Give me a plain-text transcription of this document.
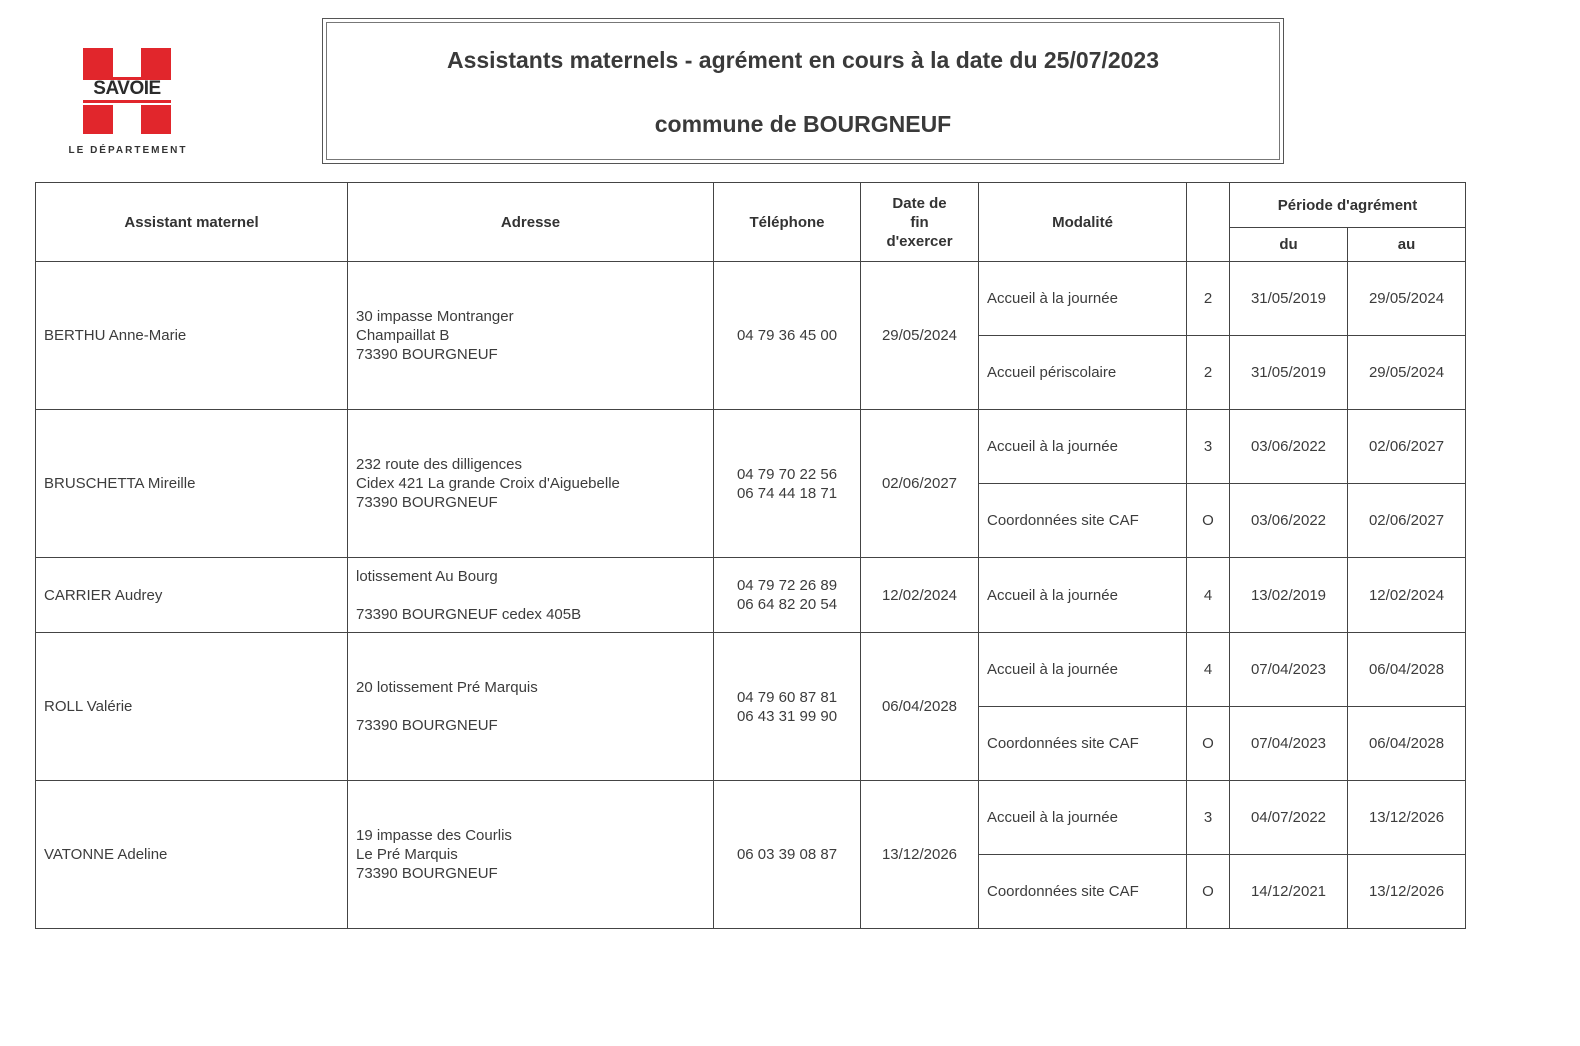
SAVOIE
LE DÉPARTEMENT
Assistants maternels - agrément en cours à la date du 25/07/2023
commune de BOURGNEUF
Assistant maternel	Adresse	Téléphone	Date de
fin
d'exercer	Modalité		Période d'agrément	
						du	au
BERTHU Anne-Marie	30 impasse Montranger
Champaillat B
73390 BOURGNEUF	04 79 36 45 00	29/05/2024	Accueil à la journée	2	31/05/2019	29/05/2024
				Accueil périscolaire	2	31/05/2019	29/05/2024
BRUSCHETTA Mireille	232 route des dilligences
Cidex 421 La grande Croix d'Aiguebelle
73390 BOURGNEUF	04 79 70 22 56
06 74 44 18 71	02/06/2027	Accueil à la journée	3	03/06/2022	02/06/2027
				Coordonnées site CAF	O	03/06/2022	02/06/2027
CARRIER Audrey	lotissement Au Bourg
73390 BOURGNEUF cedex 405B	04 79 72 26 89
06 64 82 20 54	12/02/2024	Accueil à la journée	4	13/02/2019	12/02/2024
ROLL Valérie	20 lotissement Pré Marquis
73390 BOURGNEUF	04 79 60 87 81
06 43 31 99 90	06/04/2028	Accueil à la journée	4	07/04/2023	06/04/2028
				Coordonnées site CAF	O	07/04/2023	06/04/2028
VATONNE Adeline	19 impasse des Courlis
Le Pré Marquis
73390 BOURGNEUF	06 03 39 08 87	13/12/2026	Accueil à la journée	3	04/07/2022	13/12/2026
				Coordonnées site CAF	O	14/12/2021	13/12/2026
